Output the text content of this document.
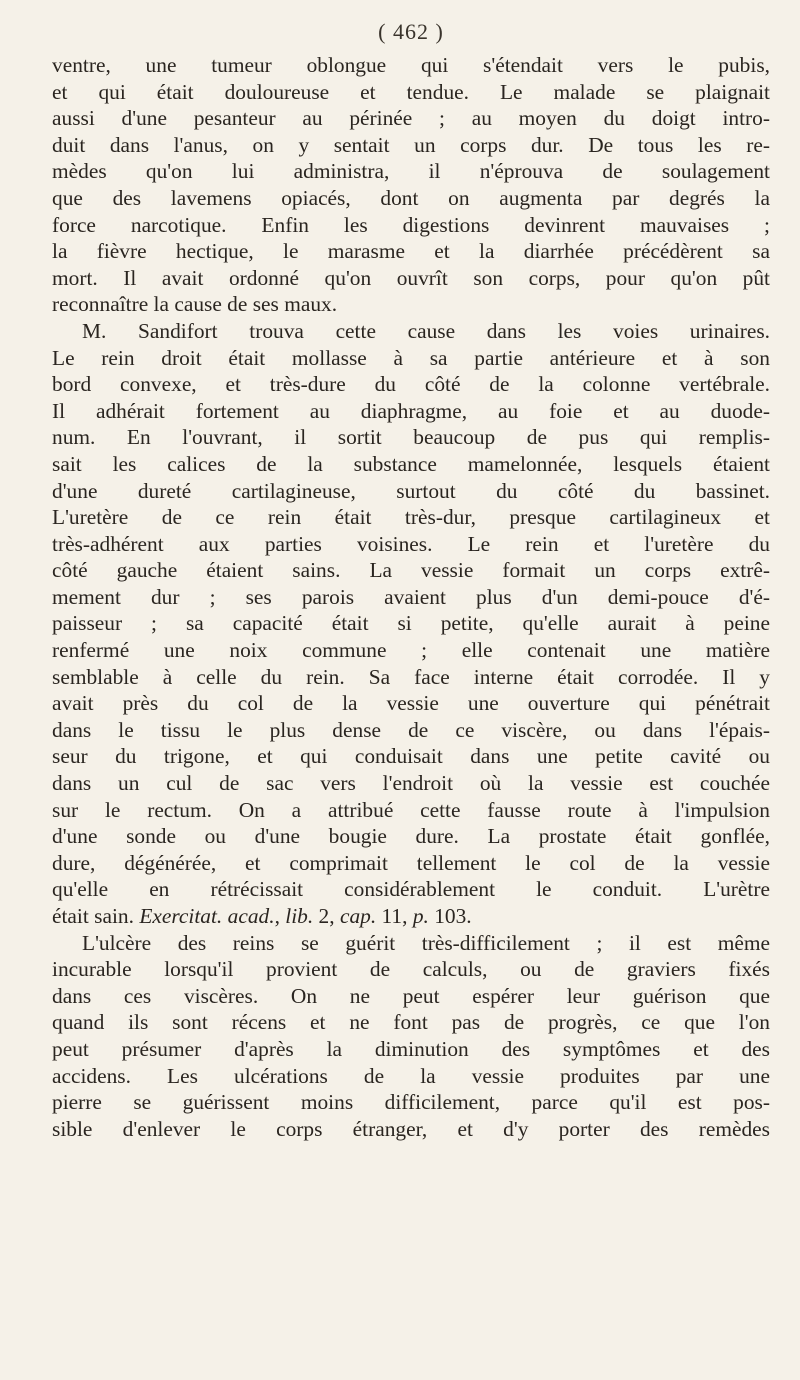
( 462 )

ventre, une tumeur oblongue qui s'étendait vers le pubis,
et qui était douloureuse et tendue. Le malade se plaignait
aussi d'une pesanteur au périnée ; au moyen du doigt intro-
duit dans l'anus, on y sentait un corps dur. De tous les re-
mèdes qu'on lui administra, il n'éprouva de soulagement
que des lavemens opiacés, dont on augmenta par degrés la
force narcotique. Enfin les digestions devinrent mauvaises ;
la fièvre hectique, le marasme et la diarrhée précédèrent sa
mort. Il avait ordonné qu'on ouvrît son corps, pour qu'on pût
reconnaître la cause de ses maux.

M. Sandifort trouva cette cause dans les voies urinaires.
Le rein droit était mollasse à sa partie antérieure et à son
bord convexe, et très-dure du côté de la colonne vertébrale.
Il adhérait fortement au diaphragme, au foie et au duode-
num. En l'ouvrant, il sortit beaucoup de pus qui remplis-
sait les calices de la substance mamelonnée, lesquels étaient
d'une dureté cartilagineuse, surtout du côté du bassinet.
L'uretère de ce rein était très-dur, presque cartilagineux et
très-adhérent aux parties voisines. Le rein et l'uretère du
côté gauche étaient sains. La vessie formait un corps extrê-
mement dur ; ses parois avaient plus d'un demi-pouce d'é-
paisseur ; sa capacité était si petite, qu'elle aurait à peine
renfermé une noix commune ; elle contenait une matière
semblable à celle du rein. Sa face interne était corrodée. Il y
avait près du col de la vessie une ouverture qui pénétrait
dans le tissu le plus dense de ce viscère, ou dans l'épais-
seur du trigone, et qui conduisait dans une petite cavité ou
dans un cul de sac vers l'endroit où la vessie est couchée
sur le rectum. On a attribué cette fausse route à l'impulsion
d'une sonde ou d'une bougie dure. La prostate était gonflée,
dure, dégénérée, et comprimait tellement le col de la vessie
qu'elle en rétrécissait considérablement le conduit. L'urètre
était sain. Exercitat. acad., lib. 2, cap. 11, p. 103.

L'ulcère des reins se guérit très-difficilement ; il est même
incurable lorsqu'il provient de calculs, ou de graviers fixés
dans ces viscères. On ne peut espérer leur guérison que
quand ils sont récens et ne font pas de progrès, ce que l'on
peut présumer d'après la diminution des symptômes et des
accidens. Les ulcérations de la vessie produites par une
pierre se guérissent moins difficilement, parce qu'il est pos-
sible d'enlever le corps étranger, et d'y porter des remèdes
